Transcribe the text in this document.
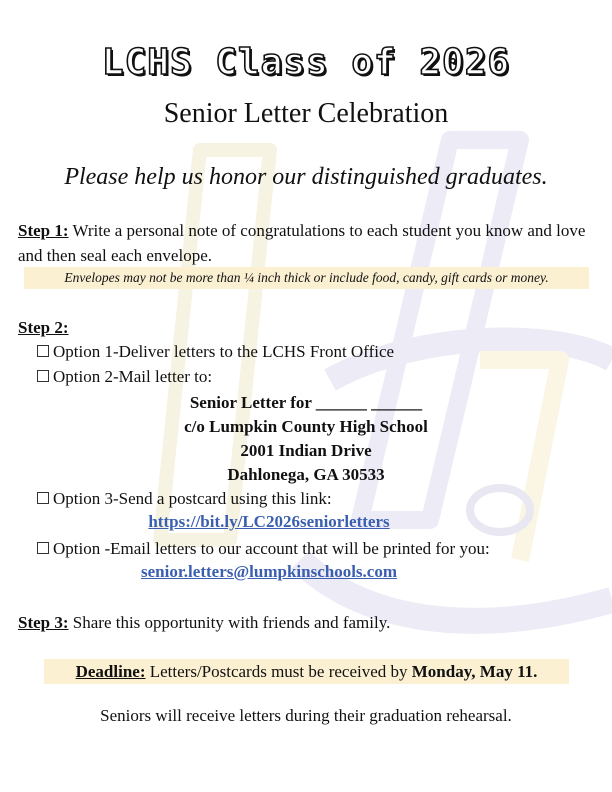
LCHS Class of 2026
Senior Letter Celebration
Please help us honor our distinguished graduates.
Step 1: Write a personal note of congratulations to each student you know and love and then seal each envelope.
Envelopes may not be more than ¼ inch thick or include food, candy, gift cards or money.
Step 2:
Option 1-Deliver letters to the LCHS Front Office
Option 2-Mail letter to:
Senior Letter for ______ ______
c/o Lumpkin County High School
2001 Indian Drive
Dahlonega, GA 30533
Option 3-Send a postcard using this link:
https://bit.ly/LC2026seniorletters
Option -Email letters to our account that will be printed for you:
senior.letters@lumpkinschools.com
Step 3: Share this opportunity with friends and family.
Deadline: Letters/Postcards must be received by Monday, May 11.
Seniors will receive letters during their graduation rehearsal.
